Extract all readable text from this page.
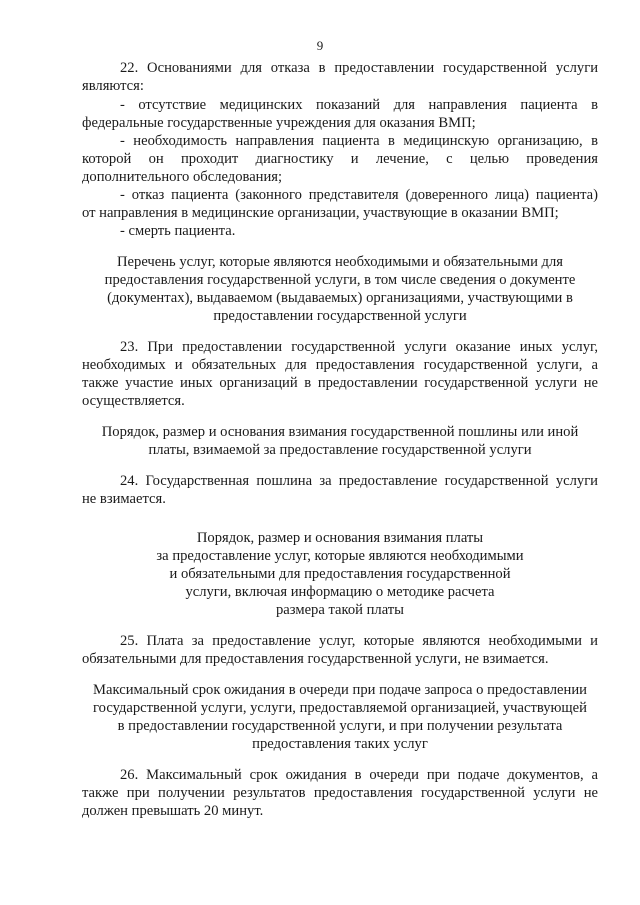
9
22. Основаниями для отказа в предоставлении государственной услуги
являются:
- отсутствие медицинских показаний для направления пациента в
федеральные государственные учреждения для оказания ВМП;
- необходимость направления пациента в медицинскую организацию, в
которой он проходит диагностику и лечение, с целью проведения
дополнительного обследования;
- отказ пациента (законного представителя (доверенного лица) пациента)
от направления в медицинские организации, участвующие в оказании ВМП;
- смерть пациента.
Перечень услуг, которые являются необходимыми и обязательными для
предоставления государственной услуги, в том числе сведения о документе
(документах), выдаваемом (выдаваемых) организациями, участвующими в
предоставлении государственной услуги
23. При предоставлении государственной услуги оказание иных услуг,
необходимых и обязательных для предоставления государственной услуги, а
также участие иных организаций в предоставлении государственной услуги не
осуществляется.
Порядок, размер и основания взимания государственной пошлины или иной
платы, взимаемой за предоставление государственной услуги
24. Государственная пошлина за предоставление государственной услуги
не взимается.
Порядок, размер и основания взимания платы
за предоставление услуг, которые являются необходимыми
и обязательными для предоставления государственной
услуги, включая информацию о методике расчета
размера такой платы
25. Плата за предоставление услуг, которые являются необходимыми и
обязательными для предоставления государственной услуги, не взимается.
Максимальный срок ожидания в очереди при подаче запроса о предоставлении
государственной услуги, услуги, предоставляемой организацией, участвующей
в предоставлении государственной услуги, и при получении результата
предоставления таких услуг
26. Максимальный срок ожидания в очереди при подаче документов, а
также при получении результатов предоставления государственной услуги не
должен превышать 20 минут.
